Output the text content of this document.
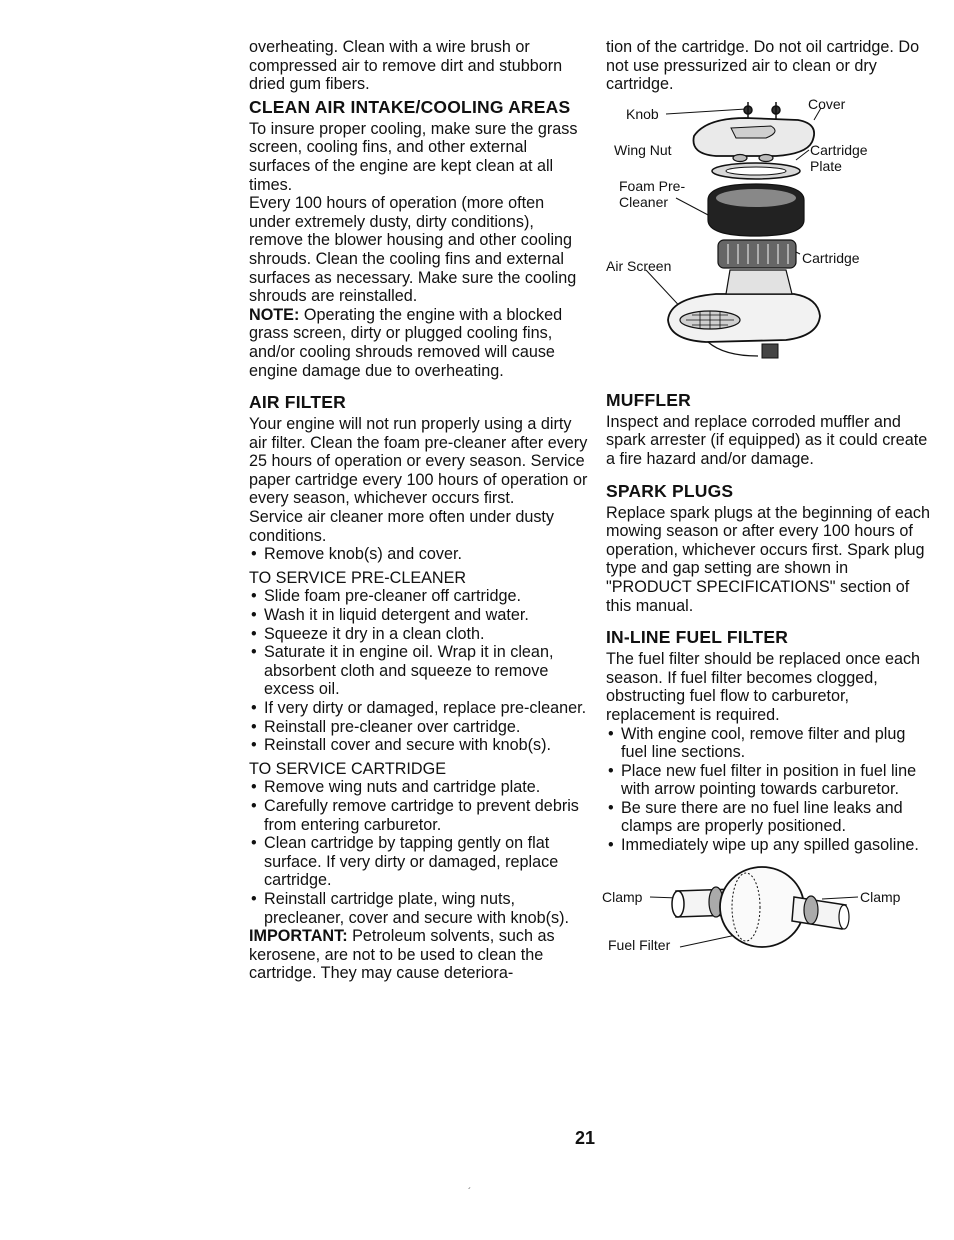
overheating. Clean with a wire brush or compressed air to remove dirt and stubborn dried gum fibers.

CLEAN AIR INTAKE/COOLING AREAS

To insure proper cooling, make sure the grass screen, cooling fins, and other external surfaces of the engine are kept clean at all times.

Every 100 hours of operation (more often under extremely dusty, dirty conditions), remove the blower housing and other cooling shrouds. Clean the cooling fins and external surfaces as necessary. Make sure the cooling shrouds are reinstalled.

NOTE: Operating the engine with a blocked grass screen, dirty or plugged cooling fins, and/or cooling shrouds removed will cause engine damage due to overheating.

AIR FILTER

Your engine will not run properly using a dirty air filter. Clean the foam pre-cleaner after every 25 hours of operation or every season. Service paper cartridge every 100 hours of operation or every season, whichever occurs first.

Service air cleaner more often under dusty conditions.

• Remove knob(s) and cover.

TO SERVICE PRE-CLEANER

• Slide foam pre-cleaner off cartridge.
• Wash it in liquid detergent and water.
• Squeeze it dry in a clean cloth.
• Saturate it in engine oil. Wrap it in clean, absorbent cloth and squeeze to remove excess oil.
• If very dirty or damaged, replace pre-cleaner.
• Reinstall pre-cleaner over cartridge.
• Reinstall cover and secure with knob(s).

TO SERVICE CARTRIDGE

• Remove wing nuts and cartridge plate.
• Carefully remove cartridge to prevent debris from entering carburetor.
• Clean cartridge by tapping gently on flat surface. If very dirty or damaged, replace cartridge.
• Reinstall cartridge plate, wing nuts, precleaner, cover and secure with knob(s).

IMPORTANT: Petroleum solvents, such as kerosene, are not to be used to clean the cartridge. They may cause deteriora-

tion of the cartridge. Do not oil cartridge. Do not use pressurized air to clean or dry cartridge.

Knob
Cover
Wing Nut	Cartridge
Plate
Foam Pre-
Cleaner
Air Screen	Cartridge
MUFFLER

Inspect and replace corroded muffler and spark arrester (if equipped) as it could create a fire hazard and/or damage.

SPARK PLUGS

Replace spark plugs at the beginning of each mowing season or after every 100 hours of operation, whichever occurs first. Spark plug type and gap setting are shown in "PRODUCT SPECIFICATIONS" section of this manual.

IN-LINE FUEL FILTER

The fuel filter should be replaced once each season. If fuel filter becomes clogged, obstructing fuel flow to carburetor, replacement is required.

• With engine cool, remove filter and plug fuel line sections.
• Place new fuel filter in position in fuel line with arrow pointing towards carburetor.
• Be sure there are no fuel line leaks and clamps are properly positioned.
• Immediately wipe up any spilled gasoline.
Clamp	Clamp
Fuel Filter
21
´
